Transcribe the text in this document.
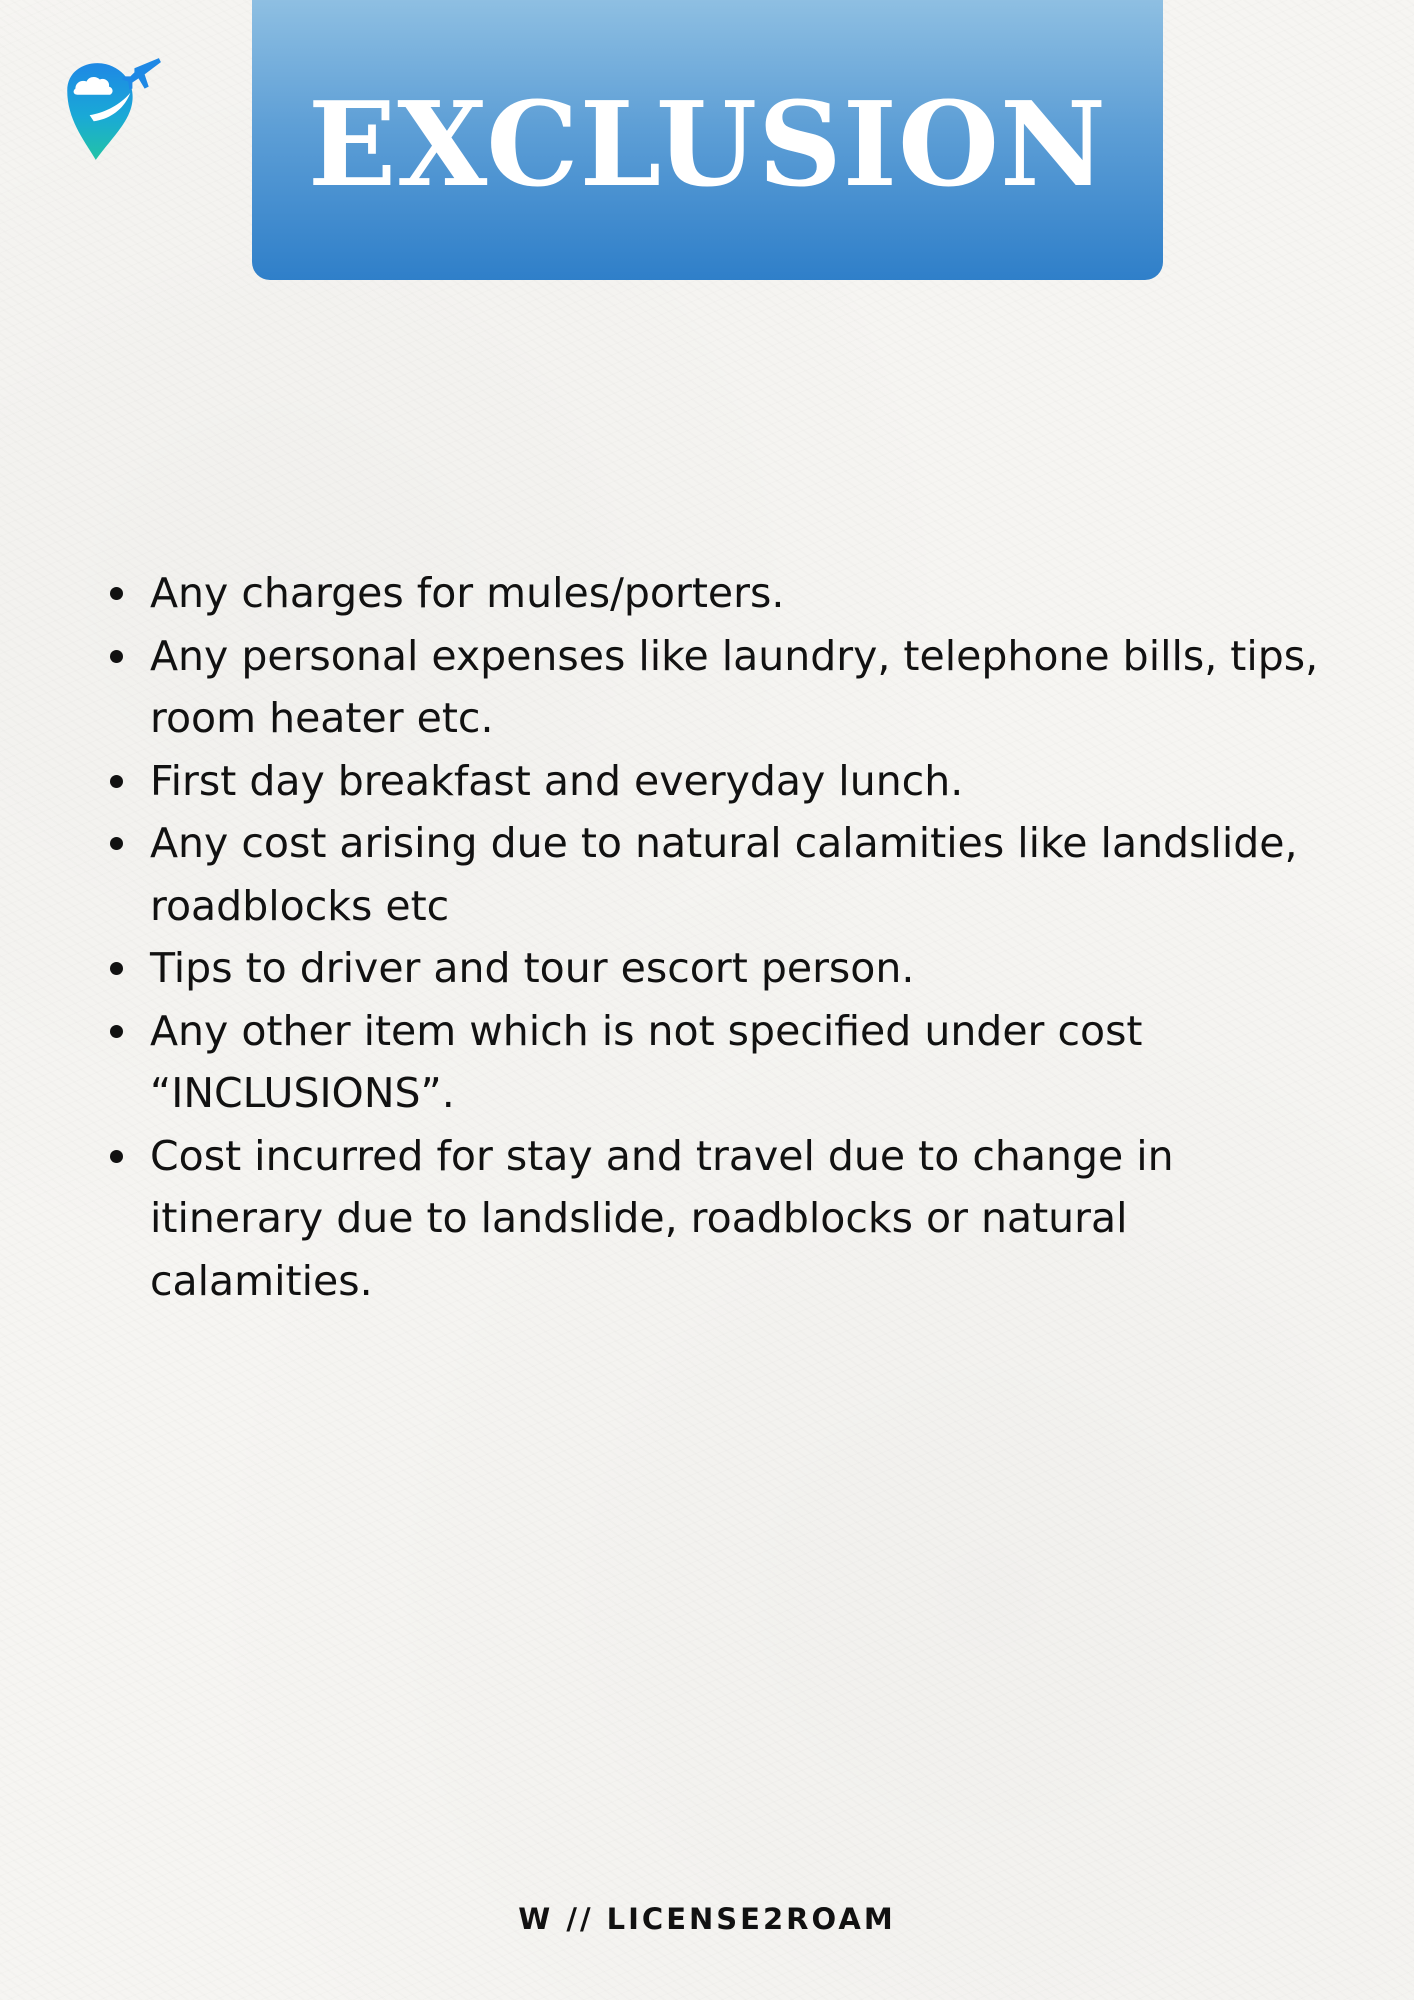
EXCLUSION
Any charges for mules/porters.
Any personal expenses like laundry, telephone bills, tips, room heater etc.
First day breakfast and everyday lunch.
Any cost arising due to natural calamities like landslide, roadblocks etc
Tips to driver and tour escort person.
Any other item which is not specified under cost “INCLUSIONS”.
Cost incurred for stay and travel due to change in itinerary due to landslide, roadblocks or natural calamities.
W // LICENSE2ROAM
